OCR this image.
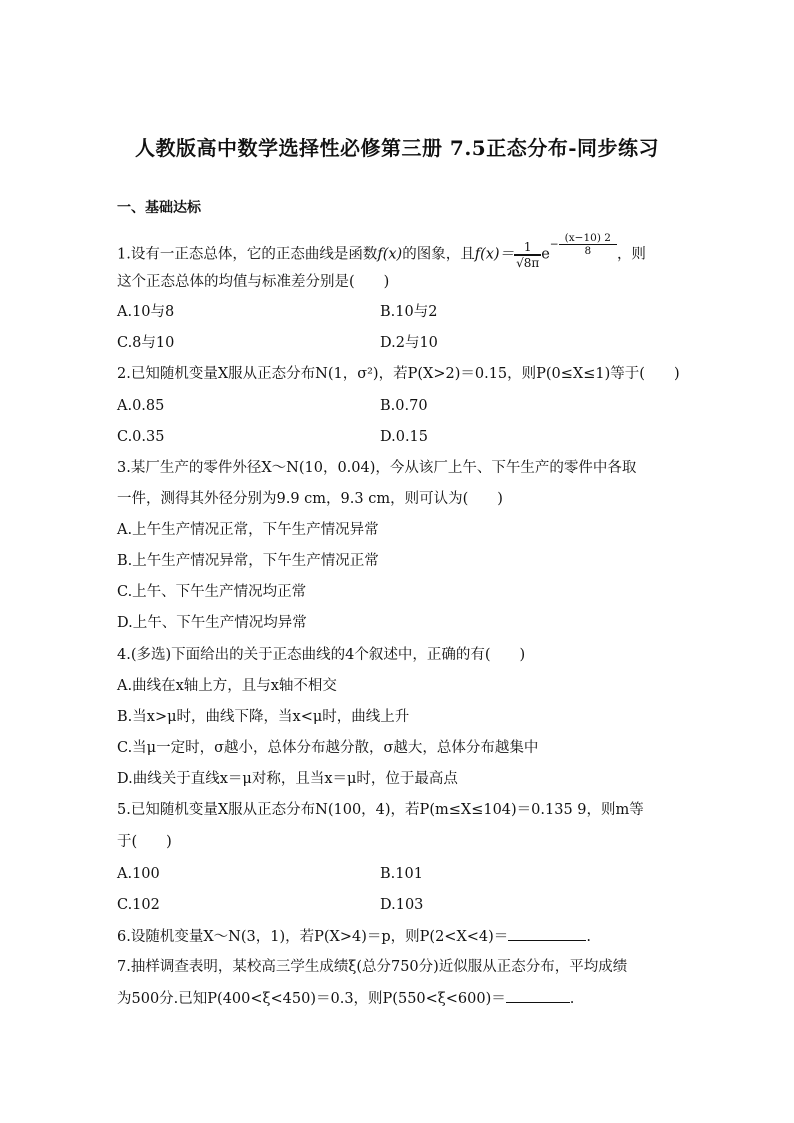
人教版高中数学选择性必修第三册 7.5正态分布-同步练习
一、基础达标
1.设有一正态总体，它的正态曲线是函数f(x)的图象，且$f(x)= \frac{1}{√8\pi} e- \frac{(x-10) 2}{8}$ ，则
这个正态总体的均值与标准差分别是(　　)
A.10与8	B.10与2
C.8与10	D.2与10
2.已知随机变量X服从正态分布N(1，σ²)，若P(X>2)＝0.15，则P(0≤X≤1)等于(　　)
A.0.85	B.0.70
C.0.35	D.0.15
3.某厂生产的零件外径X～N(10，0.04)，今从该厂上午、下午生产的零件中各取
一件，测得其外径分别为9.9 cm，9.3 cm，则可认为(　　)
A.上午生产情况正常，下午生产情况异常
B.上午生产情况异常，下午生产情况正常
C.上午、下午生产情况均正常
D.上午、下午生产情况均异常
4.(多选)下面给出的关于正态曲线的4个叙述中，正确的有(　　)
A.曲线在x轴上方，且与x轴不相交
B.当x>μ时，曲线下降，当x<μ时，曲线上升
C.当μ一定时，σ越小，总体分布越分散，σ越大，总体分布越集中
D.曲线关于直线x＝μ对称，且当x＝μ时，位于最高点
5.已知随机变量X服从正态分布N(100，4)，若P(m≤X≤104)＝0.135 9，则m等
于(　　)
A.100	B.101
C.102	D.103
6.设随机变量X～N(3，1)，若P(X>4)＝p，则P(2<X<4)＝	.
7.抽样调查表明，某校高三学生成绩ξ(总分750分)近似服从正态分布，平均成绩
为500分.已知P(400<ξ<450)＝0.3，则P(550<ξ<600)＝	.
